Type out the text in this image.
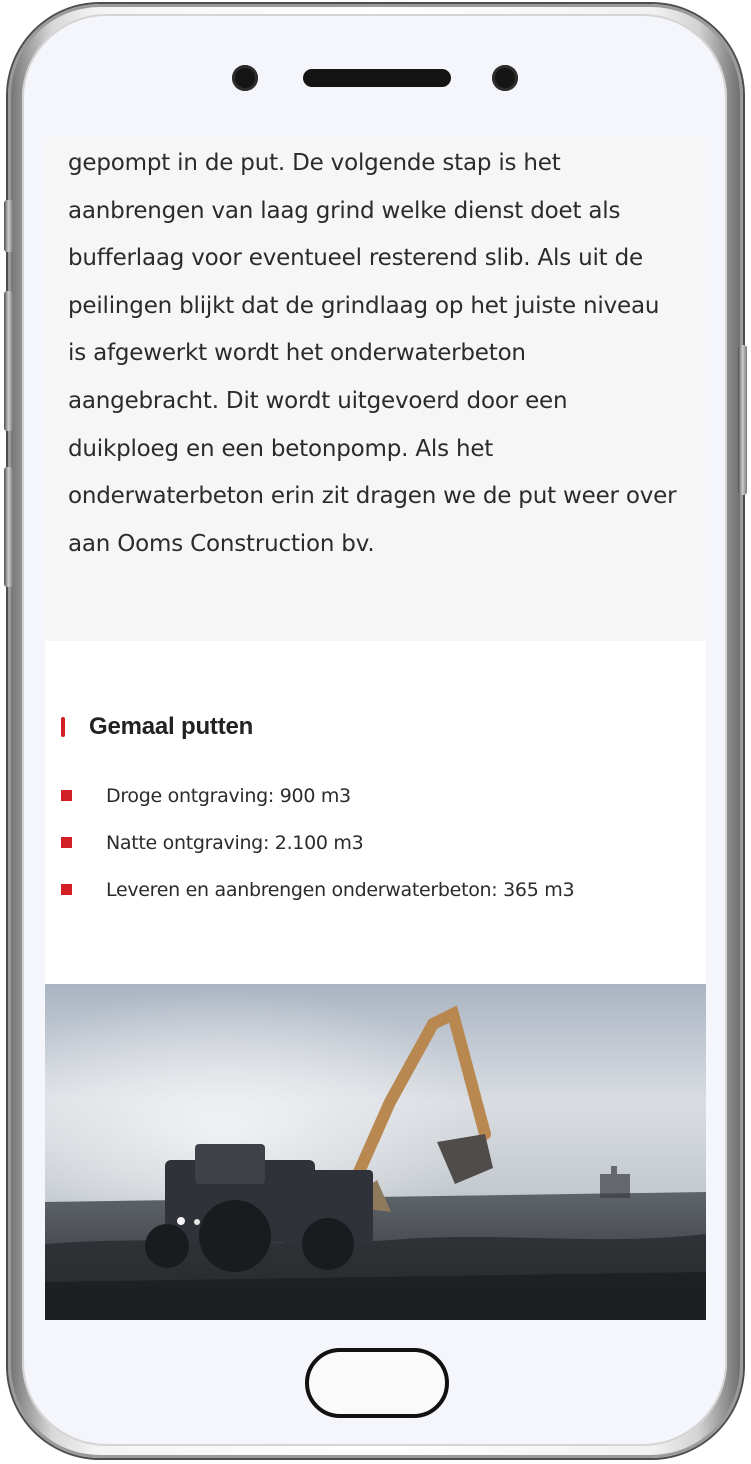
gepompt in de put. De volgende stap is het aanbrengen van laag grind welke dienst doet als bufferlaag voor eventueel resterend slib. Als uit de peilingen blijkt dat de grindlaag op het juiste niveau is afgewerkt wordt het onderwaterbeton aangebracht. Dit wordt uitgevoerd door een duikploeg en een betonpomp. Als het onderwaterbeton erin zit dragen we de put weer over aan Ooms Construction bv.

Gemaal putten
Droge ontgraving: 900 m3
Natte ontgraving: 2.100 m3
Leveren en aanbrengen onderwaterbeton: 365 m3
